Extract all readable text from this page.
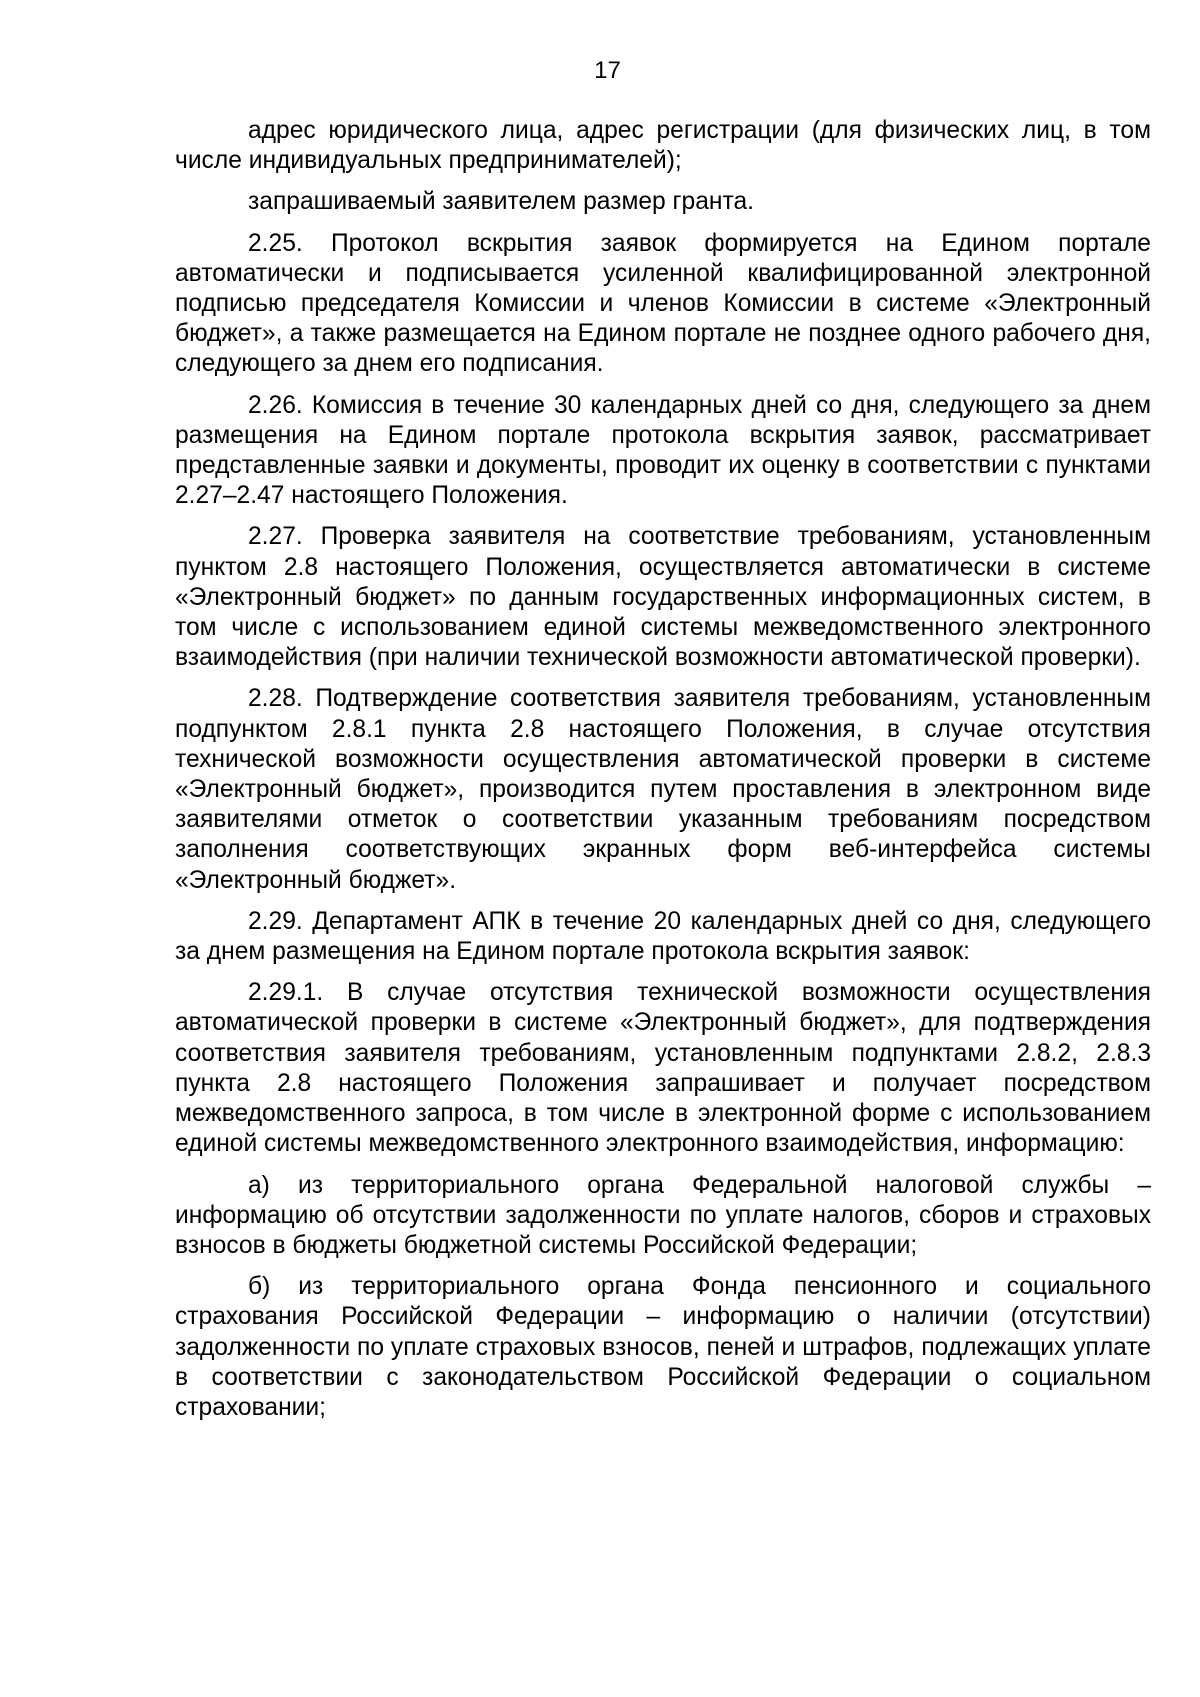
17

адрес юридического лица, адрес регистрации (для физических лиц, в том числе индивидуальных предпринимателей);

запрашиваемый заявителем размер гранта.

2.25. Протокол вскрытия заявок формируется на Едином портале автоматически и подписывается усиленной квалифицированной электронной подписью председателя Комиссии и членов Комиссии в системе «Электронный бюджет», а также размещается на Едином портале не позднее одного рабочего дня, следующего за днем его подписания.

2.26. Комиссия в течение 30 календарных дней со дня, следующего за днем размещения на Едином портале протокола вскрытия заявок, рассматривает представленные заявки и документы, проводит их оценку в соответствии с пунктами 2.27–2.47 настоящего Положения.

2.27. Проверка заявителя на соответствие требованиям, установленным пунктом 2.8 настоящего Положения, осуществляется автоматически в системе «Электронный бюджет» по данным государственных информационных систем, в том числе с использованием единой системы межведомственного электронного взаимодействия (при наличии технической возможности автоматической проверки).

2.28. Подтверждение соответствия заявителя требованиям, установленным подпунктом 2.8.1 пункта 2.8 настоящего Положения, в случае отсутствия технической возможности осуществления автоматической проверки в системе «Электронный бюджет», производится путем проставления в электронном виде заявителями отметок о соответствии указанным требованиям посредством заполнения соответствующих экранных форм веб-интерфейса системы «Электронный бюджет».

2.29. Департамент АПК в течение 20 календарных дней со дня, следующего за днем размещения на Едином портале протокола вскрытия заявок:

2.29.1. В случае отсутствия технической возможности осуществления автоматической проверки в системе «Электронный бюджет», для подтверждения соответствия заявителя требованиям, установленным подпунктами 2.8.2, 2.8.3 пункта 2.8 настоящего Положения запрашивает и получает посредством межведомственного запроса, в том числе в электронной форме с использованием единой системы межведомственного электронного взаимодействия, информацию:

а) из территориального органа Федеральной налоговой службы – информацию об отсутствии задолженности по уплате налогов, сборов и страховых взносов в бюджеты бюджетной системы Российской Федерации;

б) из территориального органа Фонда пенсионного и социального страхования Российской Федерации – информацию о наличии (отсутствии) задолженности по уплате страховых взносов, пеней и штрафов, подлежащих уплате в соответствии с законодательством Российской Федерации о социальном страховании;
